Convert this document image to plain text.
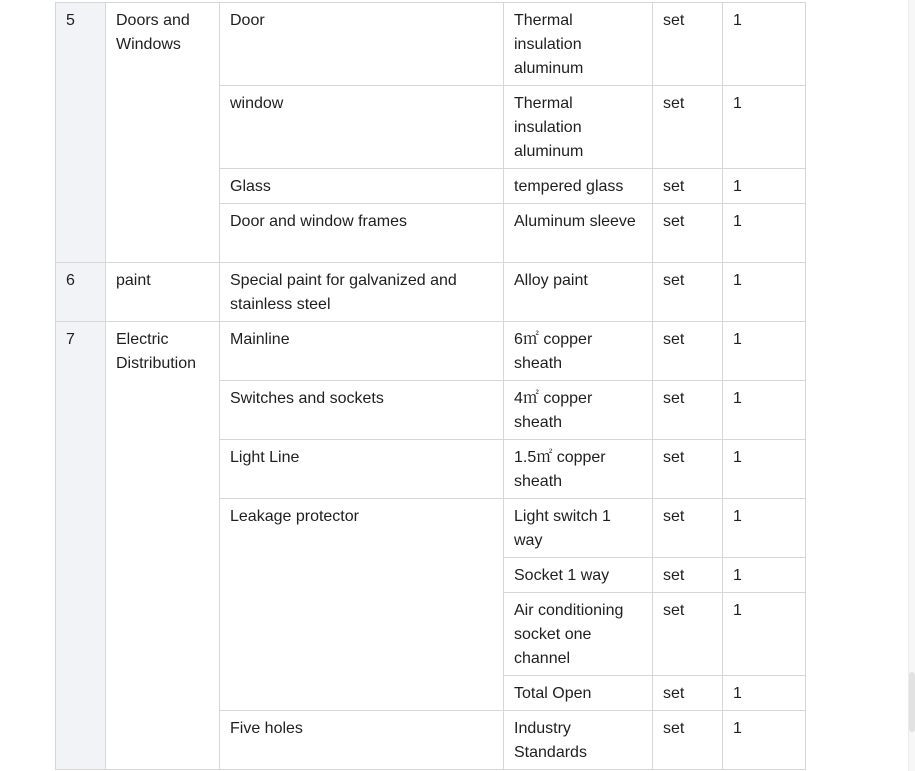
5	Doors and Windows	Door	Thermal insulation aluminum	set	1
		window	Thermal insulation aluminum	set	1
		Glass	tempered glass	set	1
		Door and window frames	Aluminum sleeve	set	1
6	paint	Special paint for galvanized and stainless steel	Alloy paint	set	1
7	Electric Distribution	Mainline	6㎡ copper sheath	set	1
		Switches and sockets	4㎡ copper sheath	set	1
		Light Line	1.5㎡ copper sheath	set	1
		Leakage protector	Light switch 1 way	set	1
			Socket 1 way	set	1
			Air conditioning socket one channel	set	1
			Total Open	set	1
		Five holes	Industry Standards	set	1
